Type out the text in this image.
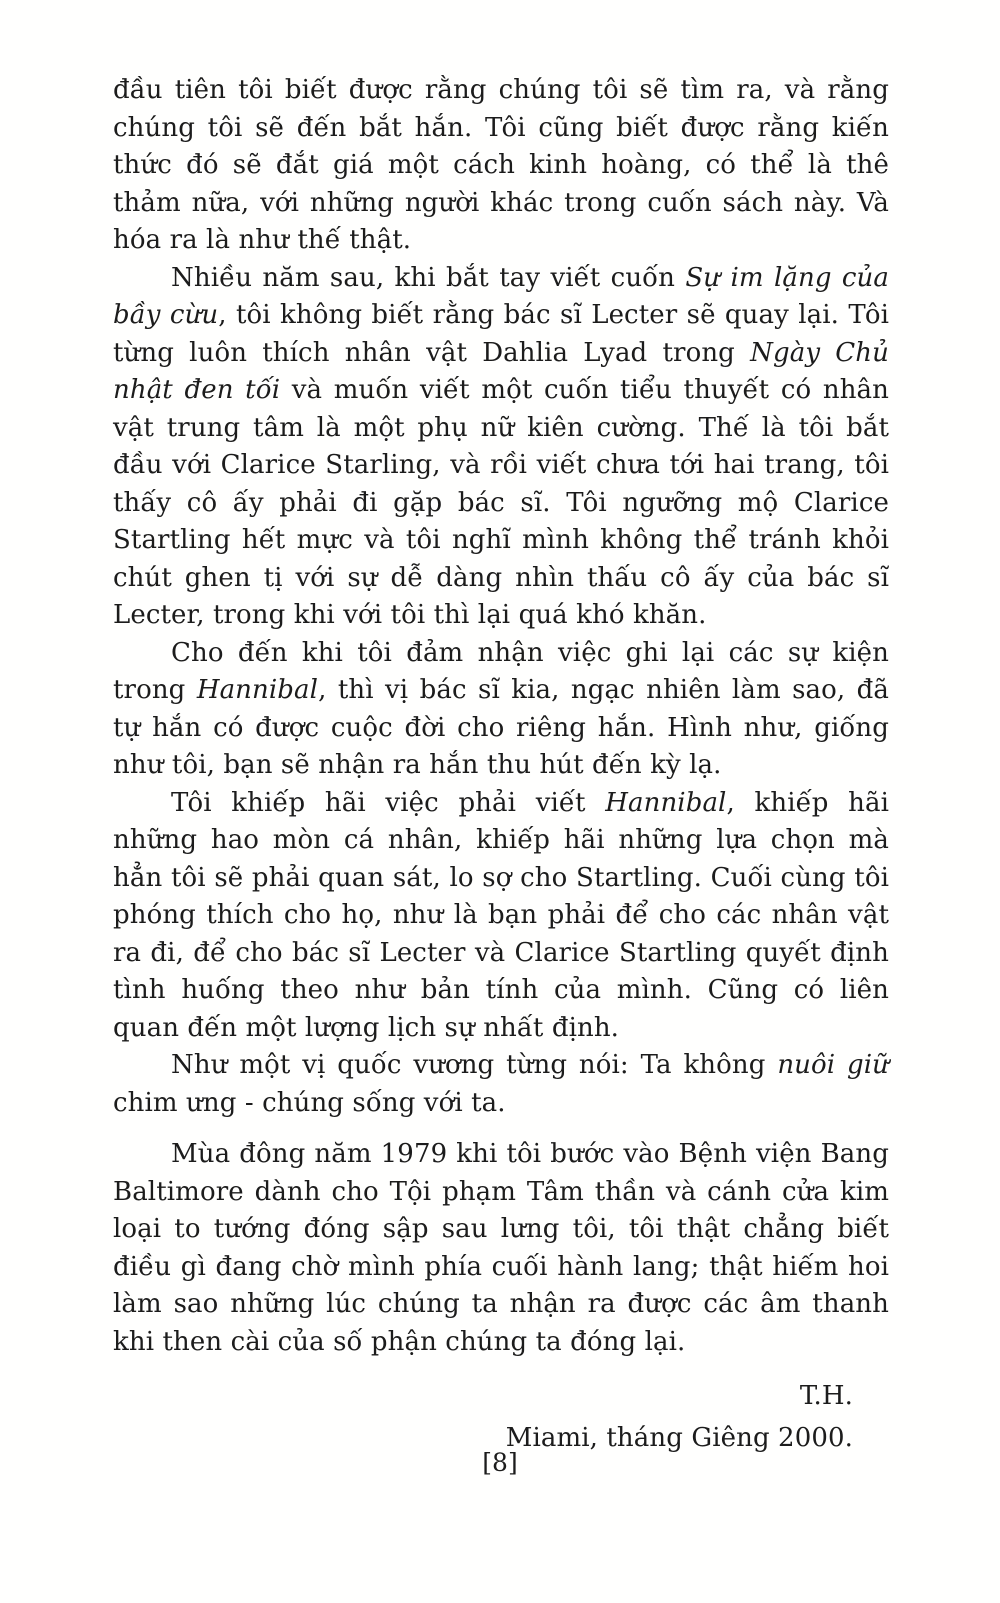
đầu tiên tôi biết được rằng chúng tôi sẽ tìm ra, và rằng chúng tôi sẽ đến bắt hắn. Tôi cũng biết được rằng kiến thức đó sẽ đắt giá một cách kinh hoàng, có thể là thê thảm nữa, với những người khác trong cuốn sách này. Và hóa ra là như thế thật.

Nhiều năm sau, khi bắt tay viết cuốn Sự im lặng của bầy cừu, tôi không biết rằng bác sĩ Lecter sẽ quay lại. Tôi từng luôn thích nhân vật Dahlia Lyad trong Ngày Chủ nhật đen tối và muốn viết một cuốn tiểu thuyết có nhân vật trung tâm là một phụ nữ kiên cường. Thế là tôi bắt đầu với Clarice Starling, và rồi viết chưa tới hai trang, tôi thấy cô ấy phải đi gặp bác sĩ. Tôi ngưỡng mộ Clarice Startling hết mực và tôi nghĩ mình không thể tránh khỏi chút ghen tị với sự dễ dàng nhìn thấu cô ấy của bác sĩ Lecter, trong khi với tôi thì lại quá khó khăn.

Cho đến khi tôi đảm nhận việc ghi lại các sự kiện trong Hannibal, thì vị bác sĩ kia, ngạc nhiên làm sao, đã tự hắn có được cuộc đời cho riêng hắn. Hình như, giống như tôi, bạn sẽ nhận ra hắn thu hút đến kỳ lạ.

Tôi khiếp hãi việc phải viết Hannibal, khiếp hãi những hao mòn cá nhân, khiếp hãi những lựa chọn mà hẳn tôi sẽ phải quan sát, lo sợ cho Startling. Cuối cùng tôi phóng thích cho họ, như là bạn phải để cho các nhân vật ra đi, để cho bác sĩ Lecter và Clarice Startling quyết định tình huống theo như bản tính của mình. Cũng có liên quan đến một lượng lịch sự nhất định.

Như một vị quốc vương từng nói: Ta không nuôi giữ chim ưng - chúng sống với ta.

Mùa đông năm 1979 khi tôi bước vào Bệnh viện Bang Baltimore dành cho Tội phạm Tâm thần và cánh cửa kim loại to tướng đóng sập sau lưng tôi, tôi thật chẳng biết điều gì đang chờ mình phía cuối hành lang; thật hiếm hoi làm sao những lúc chúng ta nhận ra được các âm thanh khi then cài của số phận chúng ta đóng lại.

T.H.
Miami, tháng Giêng 2000.
[8]
